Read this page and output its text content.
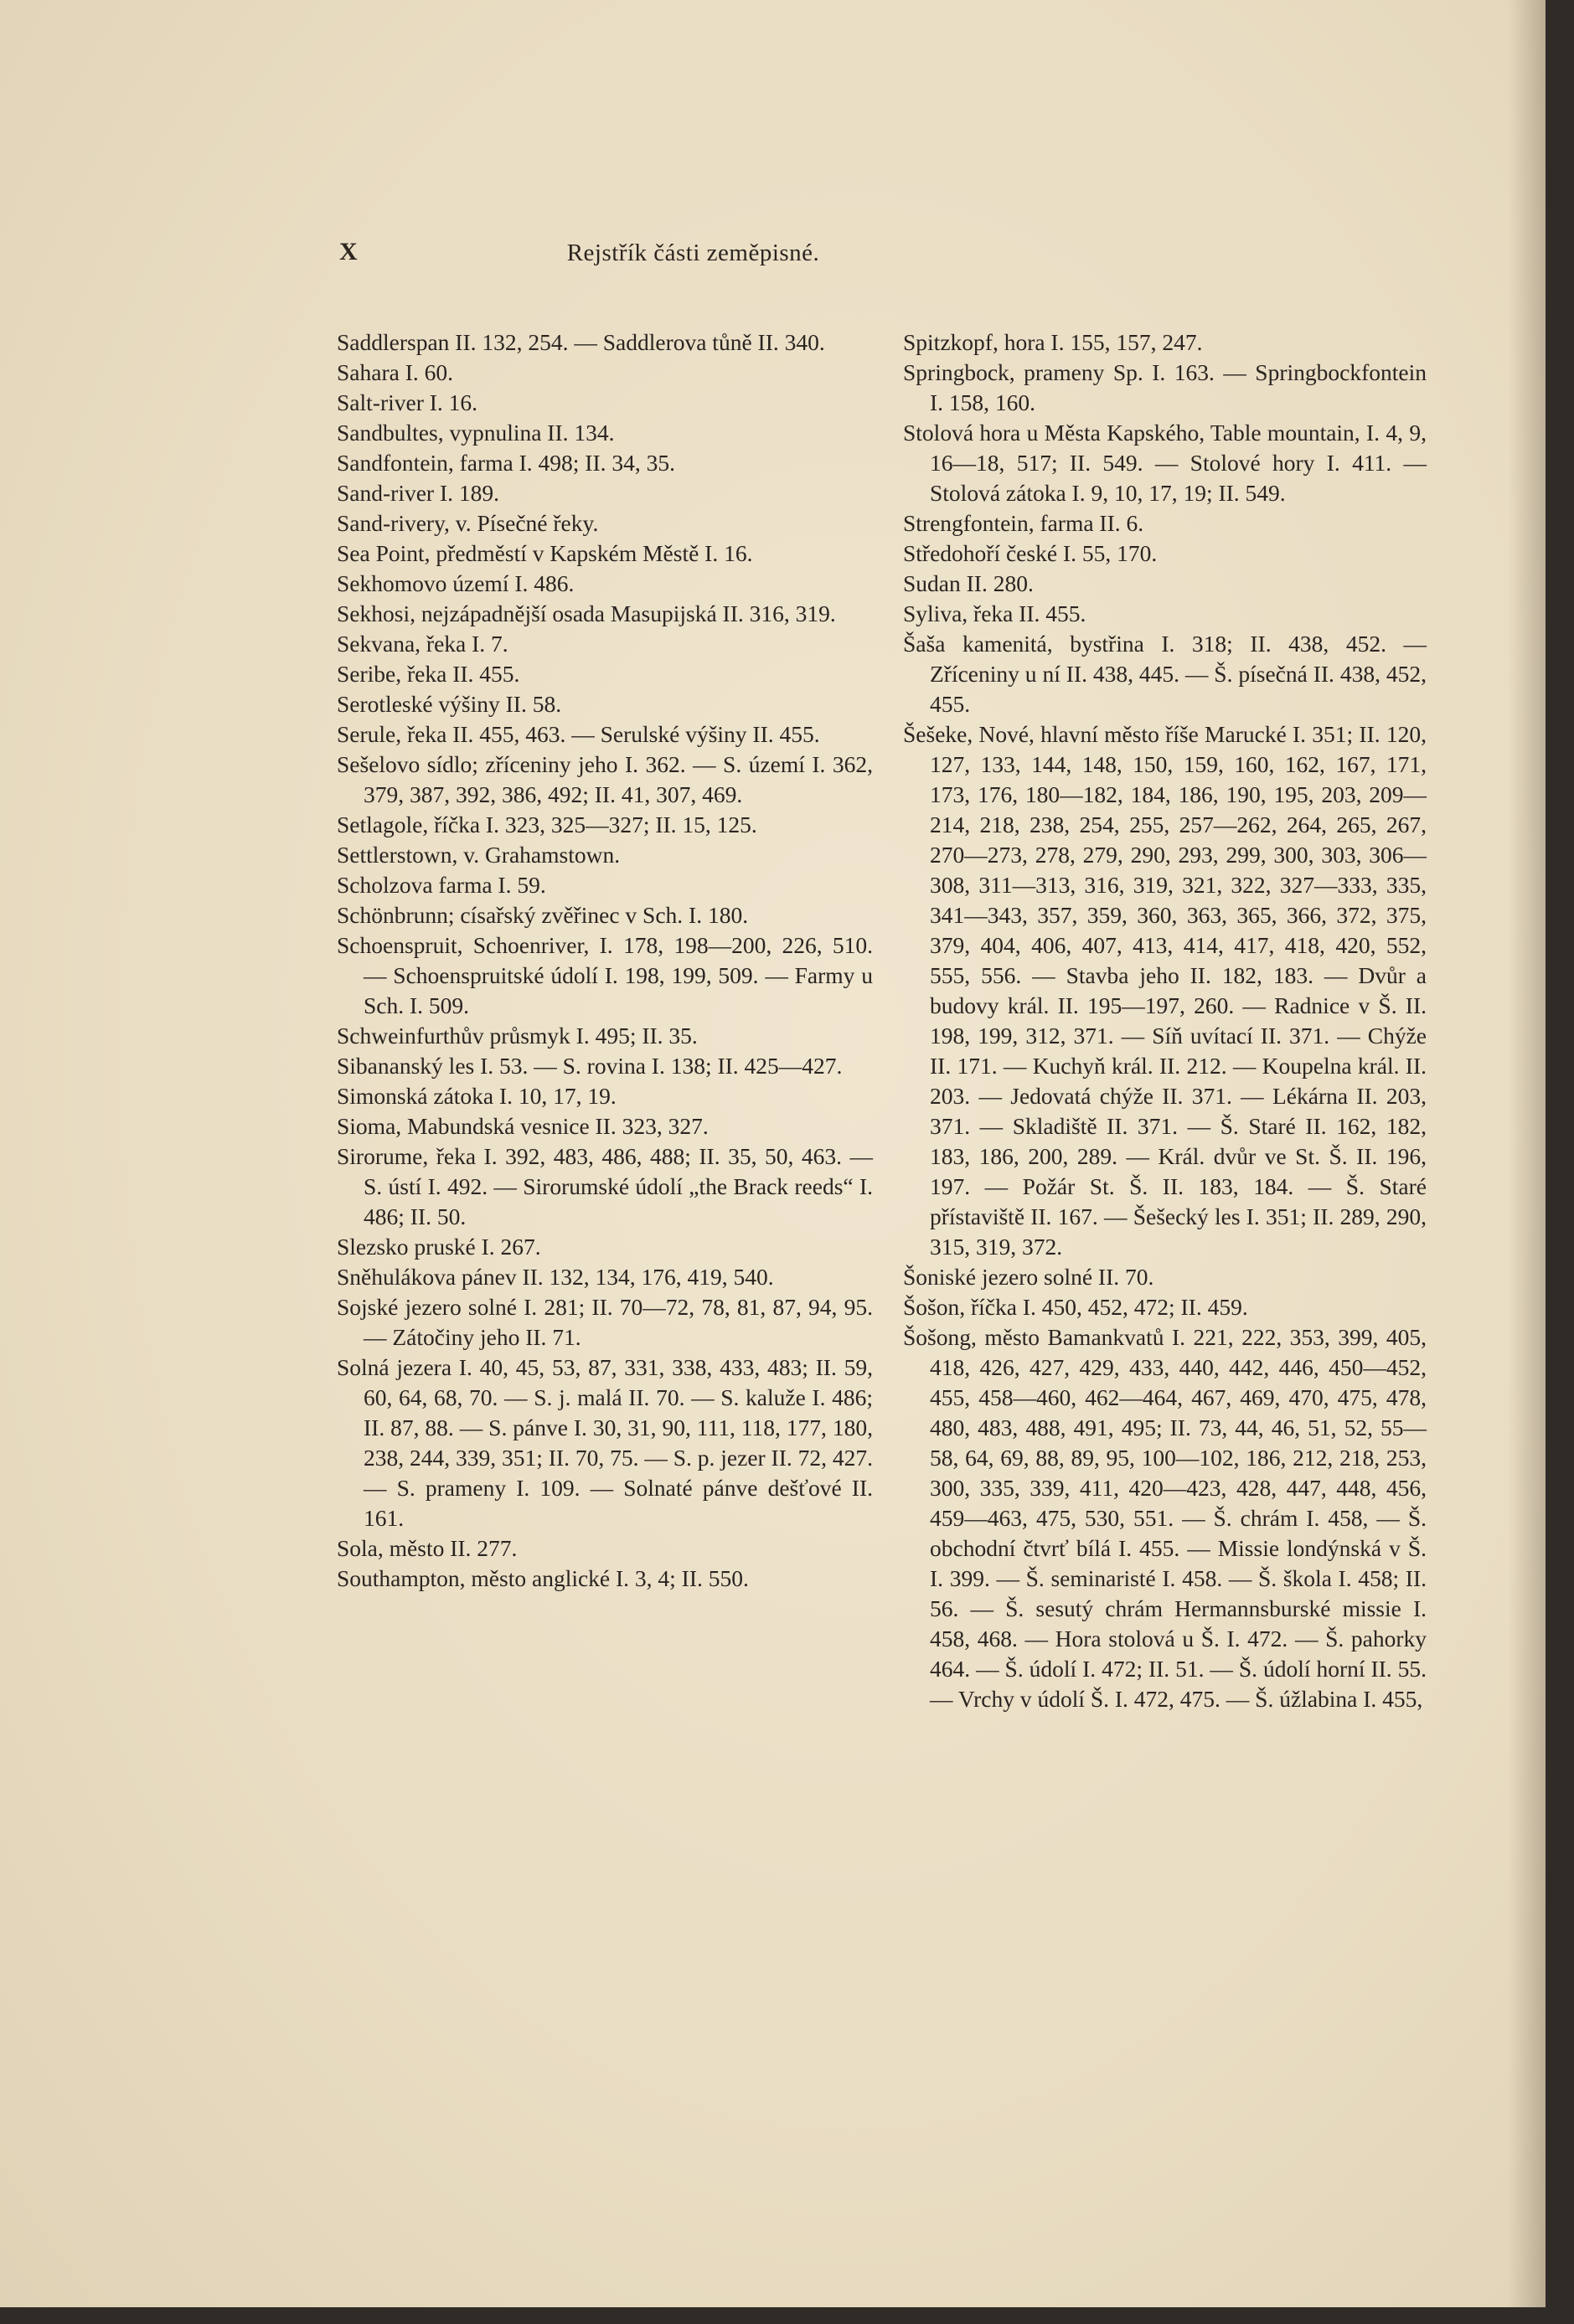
X	Rejstřík části zeměpisné.

Saddlerspan II. 132, 254. — Saddlerova tůně II. 340.

Sahara I. 60.

Salt-river I. 16.

Sandbultes, vypnulina II. 134.

Sandfontein, farma I. 498; II. 34, 35.

Sand-river I. 189.

Sand-rivery, v. Písečné řeky.

Sea Point, předměstí v Kapském Městě I. 16.

Sekhomovo území I. 486.

Sekhosi, nejzápadnější osada Masupijská II. 316, 319.

Sekvana, řeka I. 7.

Seribe, řeka II. 455.

Serotleské výšiny II. 58.

Serule, řeka II. 455, 463. — Serulské výšiny II. 455.

Sešelovo sídlo; zříceniny jeho I. 362. — S. území I. 362, 379, 387, 392, 386, 492; II. 41, 307, 469.

Setlagole, říčka I. 323, 325—327; II. 15, 125.

Settlerstown, v. Grahamstown.

Scholzova farma I. 59.

Schönbrunn; císařský zvěřinec v Sch. I. 180.

Schoenspruit, Schoenriver, I. 178, 198—200, 226, 510. — Schoenspruitské údolí I. 198, 199, 509. — Farmy u Sch. I. 509.

Schweinfurthův průsmyk I. 495; II. 35.

Sibananský les I. 53. — S. rovina I. 138; II. 425—427.

Simonská zátoka I. 10, 17, 19.

Sioma, Mabundská vesnice II. 323, 327.

Sirorume, řeka I. 392, 483, 486, 488; II. 35, 50, 463. — S. ústí I. 492. — Sirorumské údolí „the Brack reeds“ I. 486; II. 50.

Slezsko pruské I. 267.

Sněhulákova pánev II. 132, 134, 176, 419, 540.

Sojské jezero solné I. 281; II. 70—72, 78, 81, 87, 94, 95. — Zátočiny jeho II. 71.

Solná jezera I. 40, 45, 53, 87, 331, 338, 433, 483; II. 59, 60, 64, 68, 70. — S. j. malá II. 70. — S. kaluže I. 486; II. 87, 88. — S. pánve I. 30, 31, 90, 111, 118, 177, 180, 238, 244, 339, 351; II. 70, 75. — S. p. jezer II. 72, 427. — S. prameny I. 109. — Solnaté pánve dešťové II. 161.

Sola, město II. 277.

Southampton, město anglické I. 3, 4; II. 550.

Spitzkopf, hora I. 155, 157, 247.

Springbock, prameny Sp. I. 163. — Springbockfontein I. 158, 160.

Stolová hora u Města Kapského, Table mountain, I. 4, 9, 16—18, 517; II. 549. — Stolové hory I. 411. — Stolová zátoka I. 9, 10, 17, 19; II. 549.

Strengfontein, farma II. 6.

Středohoří české I. 55, 170.

Sudan II. 280.

Syliva, řeka II. 455.

Šaša kamenitá, bystřina I. 318; II. 438, 452. — Zříceniny u ní II. 438, 445. — Š. písečná II. 438, 452, 455.

Šešeke, Nové, hlavní město říše Marucké I. 351; II. 120, 127, 133, 144, 148, 150, 159, 160, 162, 167, 171, 173, 176, 180—182, 184, 186, 190, 195, 203, 209—214, 218, 238, 254, 255, 257—262, 264, 265, 267, 270—273, 278, 279, 290, 293, 299, 300, 303, 306—308, 311—313, 316, 319, 321, 322, 327—333, 335, 341—343, 357, 359, 360, 363, 365, 366, 372, 375, 379, 404, 406, 407, 413, 414, 417, 418, 420, 552, 555, 556. — Stavba jeho II. 182, 183. — Dvůr a budovy král. II. 195—197, 260. — Radnice v Š. II. 198, 199, 312, 371. — Síň uvítací II. 371. — Chýže II. 171. — Kuchyň král. II. 212. — Koupelna král. II. 203. — Jedovatá chýže II. 371. — Lékárna II. 203, 371. — Skladiště II. 371. — Š. Staré II. 162, 182, 183, 186, 200, 289. — Král. dvůr ve St. Š. II. 196, 197. — Požár St. Š. II. 183, 184. — Š. Staré přístaviště II. 167. — Šešecký les I. 351; II. 289, 290, 315, 319, 372.

Šoniské jezero solné II. 70.

Šošon, říčka I. 450, 452, 472; II. 459.

Šošong, město Bamankvatů I. 221, 222, 353, 399, 405, 418, 426, 427, 429, 433, 440, 442, 446, 450—452, 455, 458—460, 462—464, 467, 469, 470, 475, 478, 480, 483, 488, 491, 495; II. 73, 44, 46, 51, 52, 55—58, 64, 69, 88, 89, 95, 100—102, 186, 212, 218, 253, 300, 335, 339, 411, 420—423, 428, 447, 448, 456, 459—463, 475, 530, 551. — Š. chrám I. 458, — Š. obchodní čtvrť bílá I. 455. — Missie londýnská v Š. I. 399. — Š. seminaristé I. 458. — Š. škola I. 458; II. 56. — Š. sesutý chrám Hermannsburské missie I. 458, 468. — Hora stolová u Š. I. 472. — Š. pahorky 464. — Š. údolí I. 472; II. 51. — Š. údolí horní II. 55. — Vrchy v údolí Š. I. 472, 475. — Š. úžlabina I. 455,
